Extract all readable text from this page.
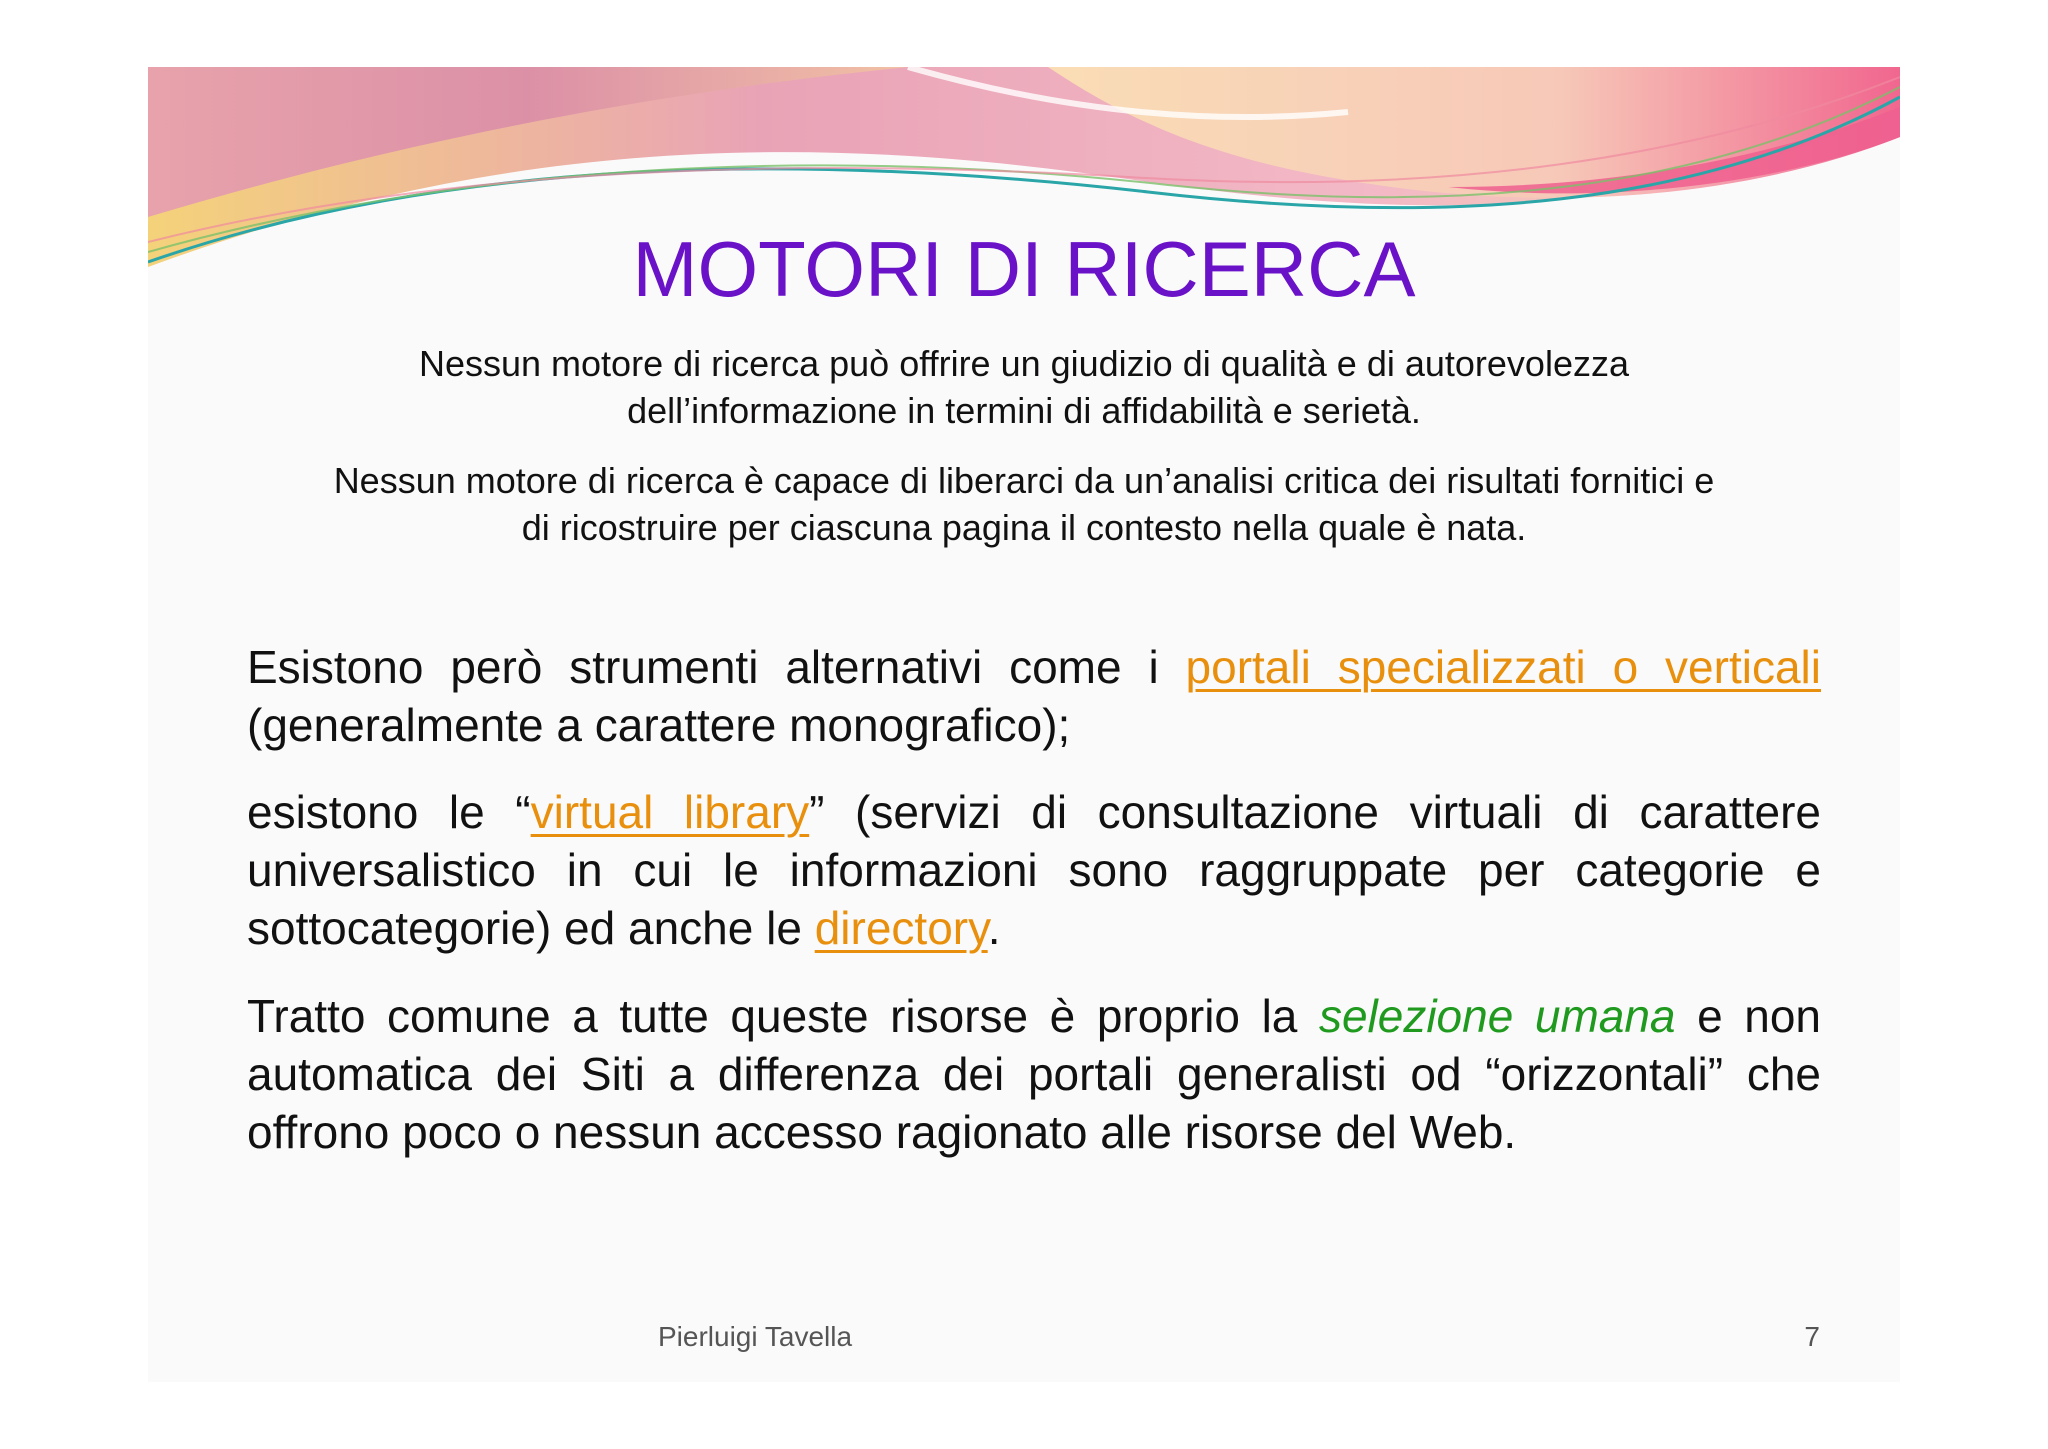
MOTORI DI RICERCA

Nessun motore di ricerca può offrire un giudizio di qualità e di autorevolezza

dell’informazione in termini di affidabilità e serietà.

Nessun motore di ricerca è capace di liberarci da un’analisi critica dei risultati fornitici e

di ricostruire per ciascuna pagina il contesto nella quale è nata.

Esistono però strumenti alternativi come i portali specializzati o verticali (generalmente a carattere monografico);
esistono le “virtual library” (servizi di consultazione virtuali di carattere universalistico in cui le informazioni sono raggruppate per categorie e sottocategorie) ed anche le directory.
Tratto comune a tutte queste risorse è proprio la selezione umana e non automatica dei Siti a differenza dei portali generalisti od “orizzontali” che offrono poco o nessun accesso ragionato alle risorse del Web.
Pierluigi Tavella	7
